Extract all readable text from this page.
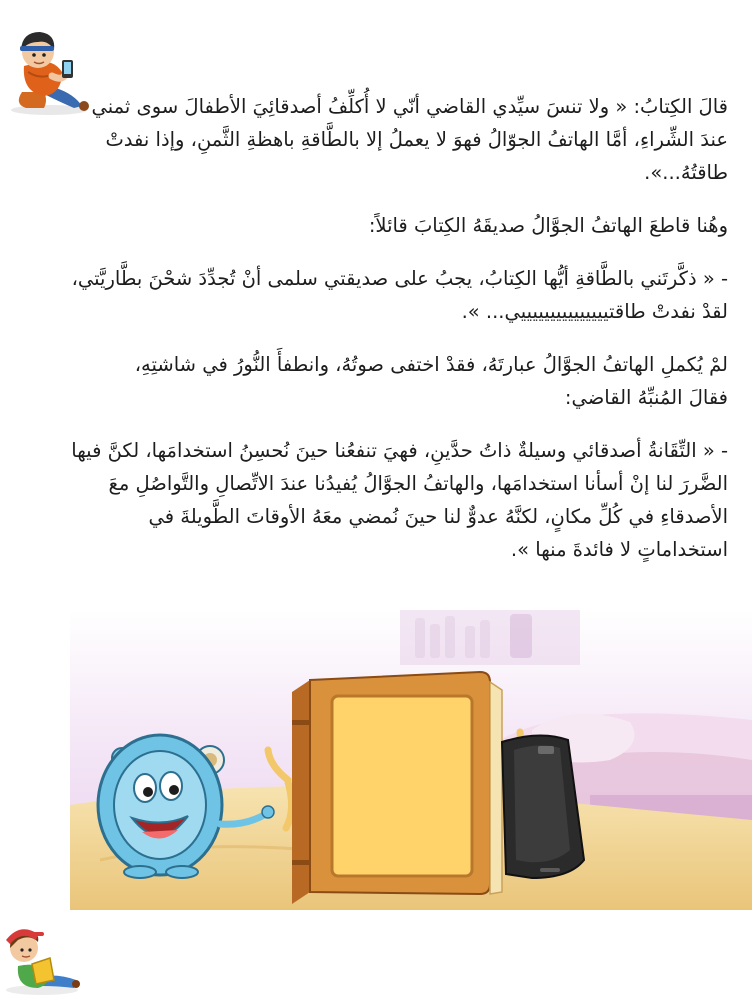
قالَ الكِتابُ: « ولا تنسَ سيِّدي القاضي أنّي لا أُكلِّفُ أصدقائِيَ الأطفالَ سوى ثمني عندَ الشِّراءِ، أمَّا الهاتفُ الجوّالُ فهوَ لا يعملُ إلا بالطَّاقةِ باهظةِ الثَّمنِ، وإذا نفدتْ طاقتُهُ...».

وهُنا قاطعَ الهاتفُ الجوَّالُ صديقَهُ الكِتابَ قائلاً:

- « ذكَّرتَني بالطَّاقةِ أيُّها الكِتابُ، يجبُ على صديقتي سلمى أنْ تُجدِّدَ شحْنَ بطَّاريَّتي، لقدْ نفدتْ طاقتيييييييييييييييي... ».

لمْ يُكملِ الهاتفُ الجوَّالُ عبارتَهُ، فقدْ اختفى صوتُهُ، وانطفأَ النُّورُ في شاشتِهِ،

فقالَ المُنبِّهُ القاضي:

- « التِّقَانةُ أصدقائي وسيلةٌ ذاتُ حدَّينِ، فهيَ تنفعُنا حينَ نُحسِنُ استخدامَها، لكنَّ فيها الضَّررَ لنا إنْ أسأنا استخدامَها، والهاتفُ الجوَّالُ يُفيدُنا عندَ الاتِّصالِ والتَّواصُلِ معَ الأصدقاءِ في كُلِّ مكانٍ، لكنَّهُ عدوٌّ لنا حينَ نُمضي معَهُ الأوقاتَ الطَّويلةَ في استخداماتٍ لا فائدةَ منها ».
